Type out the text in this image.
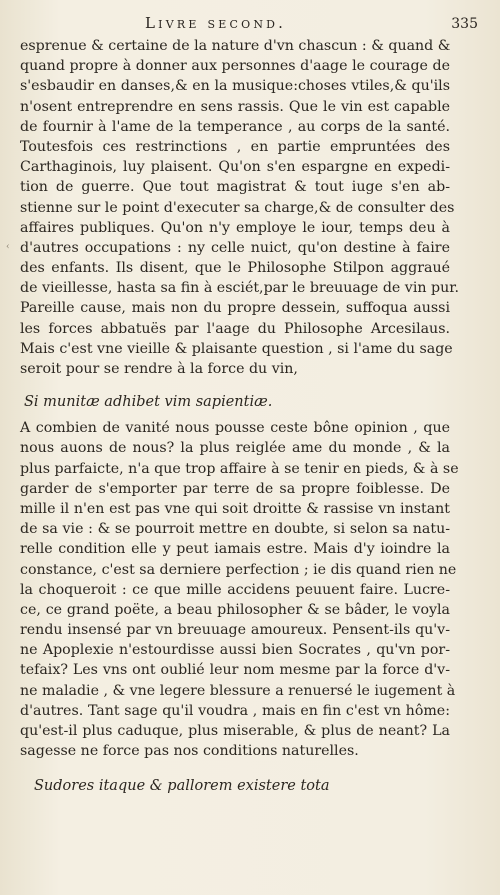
Livre second.	335
‹
esprenue & certaine de la nature d'vn chascun : & quand &
quand propre à donner aux personnes d'aage le courage de
s'esbaudir en danses,& en la musique:choses vtiles,& qu'ils
n'osent entreprendre en sens rassis. Que le vin est capable
de fournir à l'ame de la temperance , au corps de la santé.
Toutesfois ces restrinctions , en partie empruntées des
Carthaginois, luy plaisent. Qu'on s'en espargne en expedi-
tion de guerre. Que tout magistrat & tout iuge s'en ab-
stienne sur le point d'executer sa charge,& de consulter des
affaires publiques. Qu'on n'y employe le iour, temps deu à
d'autres occupations : ny celle nuict, qu'on destine à faire
des enfants. Ils disent, que le Philosophe Stilpon aggraué
de vieillesse, hasta sa fin à esciét,par le breuuage de vin pur.
Pareille cause, mais non du propre dessein, suffoqua aussi
les forces abbatuës par l'aage du Philosophe Arcesilaus.
Mais c'est vne vieille & plaisante question , si l'ame du sage
seroit pour se rendre à la force du vin,
Si munitæ adhibet vim sapientiæ.
A combien de vanité nous pousse ceste bône opinion , que
nous auons de nous? la plus reiglée ame du monde , & la
plus parfaicte, n'a que trop affaire à se tenir en pieds, & à se
garder de s'emporter par terre de sa propre foiblesse. De
mille il n'en est pas vne qui soit droitte & rassise vn instant
de sa vie : & se pourroit mettre en doubte, si selon sa natu-
relle condition elle y peut iamais estre. Mais d'y ioindre la
constance, c'est sa derniere perfection ; ie dis quand rien ne
la choqueroit : ce que mille accidens peuuent faire. Lucre-
ce, ce grand poëte, a beau philosopher & se bâder, le voyla
rendu insensé par vn breuuage amoureux. Pensent-ils qu'v-
ne Apoplexie n'estourdisse aussi bien Socrates , qu'vn por-
tefaix? Les vns ont oublié leur nom mesme par la force d'v-
ne maladie , & vne legere blessure a renuersé le iugement à
d'autres. Tant sage qu'il voudra , mais en fin c'est vn hôme:
qu'est-il plus caduque, plus miserable, & plus de neant? La
sagesse ne force pas nos conditions naturelles.
Sudores itaque & pallorem existere tota
